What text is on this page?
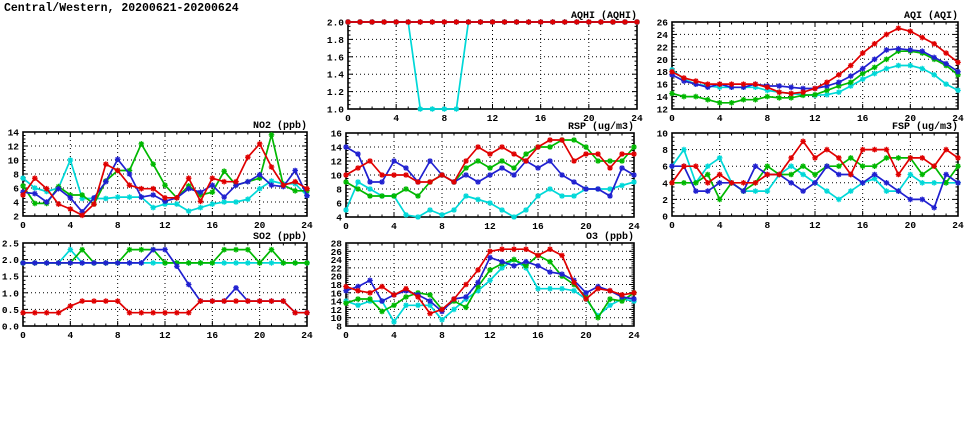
Central/Western, 20200621-20200624
1.0
1.2
1.4
1.6
1.8
2.0
0	4	8	12	16	20	24
AQHI (AQHI)
12
14
16
18
20
22
24
26
0	4	8	12	16	20	24
AQI (AQI)
2
4
6
8
10
12
14
0	4	8	12	16	20	24
NO2 (ppb)
4
6
8
10
12
14
16
0	4	8	12	16	20	24
RSP (ug/m3)
0
2
4
6
8
10
0	4	8	12	16	20	24
FSP (ug/m3)
0.0
0.5
1.0
1.5
2.0
2.5
0	4	8	12	16	20	24
SO2 (ppb)
8
10
12
14
16
18
20
22
24
26
28
0	4	8	12	16	20	24
O3 (ppb)
